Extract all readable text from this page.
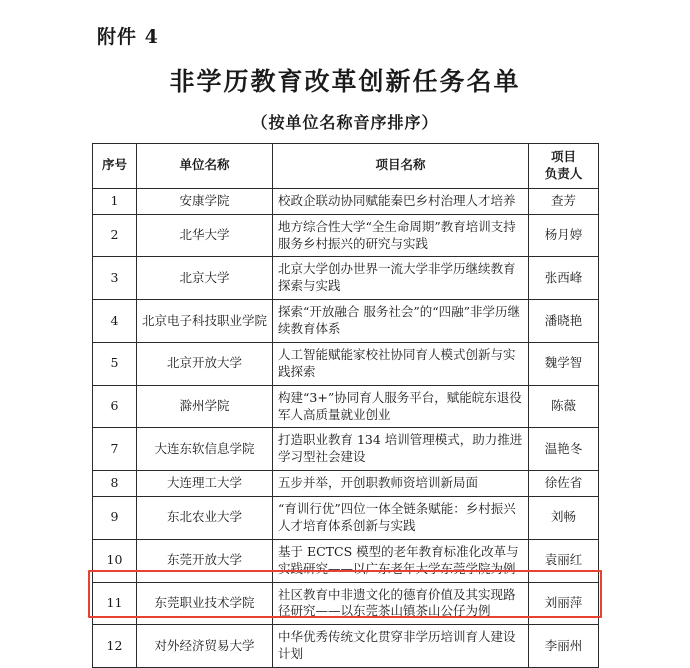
附件 4
非学历教育改革创新任务名单
（按单位名称音序排序）
序号	单位名称	项目名称	项目
负责人

1	安康学院	校政企联动协同赋能秦巴乡村治理人才培养	查芳
2	北华大学	地方综合性大学“全生命周期”教育培训支持服务乡村振兴的研究与实践	杨月婷
3	北京大学	北京大学创办世界一流大学非学历继续教育探索与实践	张西峰
4	北京电子科技职业学院	探索“开放融合 服务社会”的“四融”非学历继续教育体系	潘晓艳
5	北京开放大学	人工智能赋能家校社协同育人模式创新与实践探索	魏学智
6	滁州学院	构建“3+”协同育人服务平台，赋能皖东退役军人高质量就业创业	陈薇
7	大连东软信息学院	打造职业教育 134 培训管理模式，助力推进学习型社会建设	温艳冬
8	大连理工大学	五步并举，开创职教师资培训新局面	徐佐省
9	东北农业大学	“育训行优”四位一体全链条赋能：乡村振兴人才培育体系创新与实践	刘畅
10	东莞开放大学	基于 ECTCS 模型的老年教育标准化改革与实践研究——以广东老年大学东莞学院为例	袁丽红
11	东莞职业技术学院	社区教育中非遗文化的德育价值及其实现路径研究——以东莞茶山镇茶山公仔为例	刘丽萍
12	对外经济贸易大学	中华优秀传统文化贯穿非学历培训育人建设计划	李丽州
